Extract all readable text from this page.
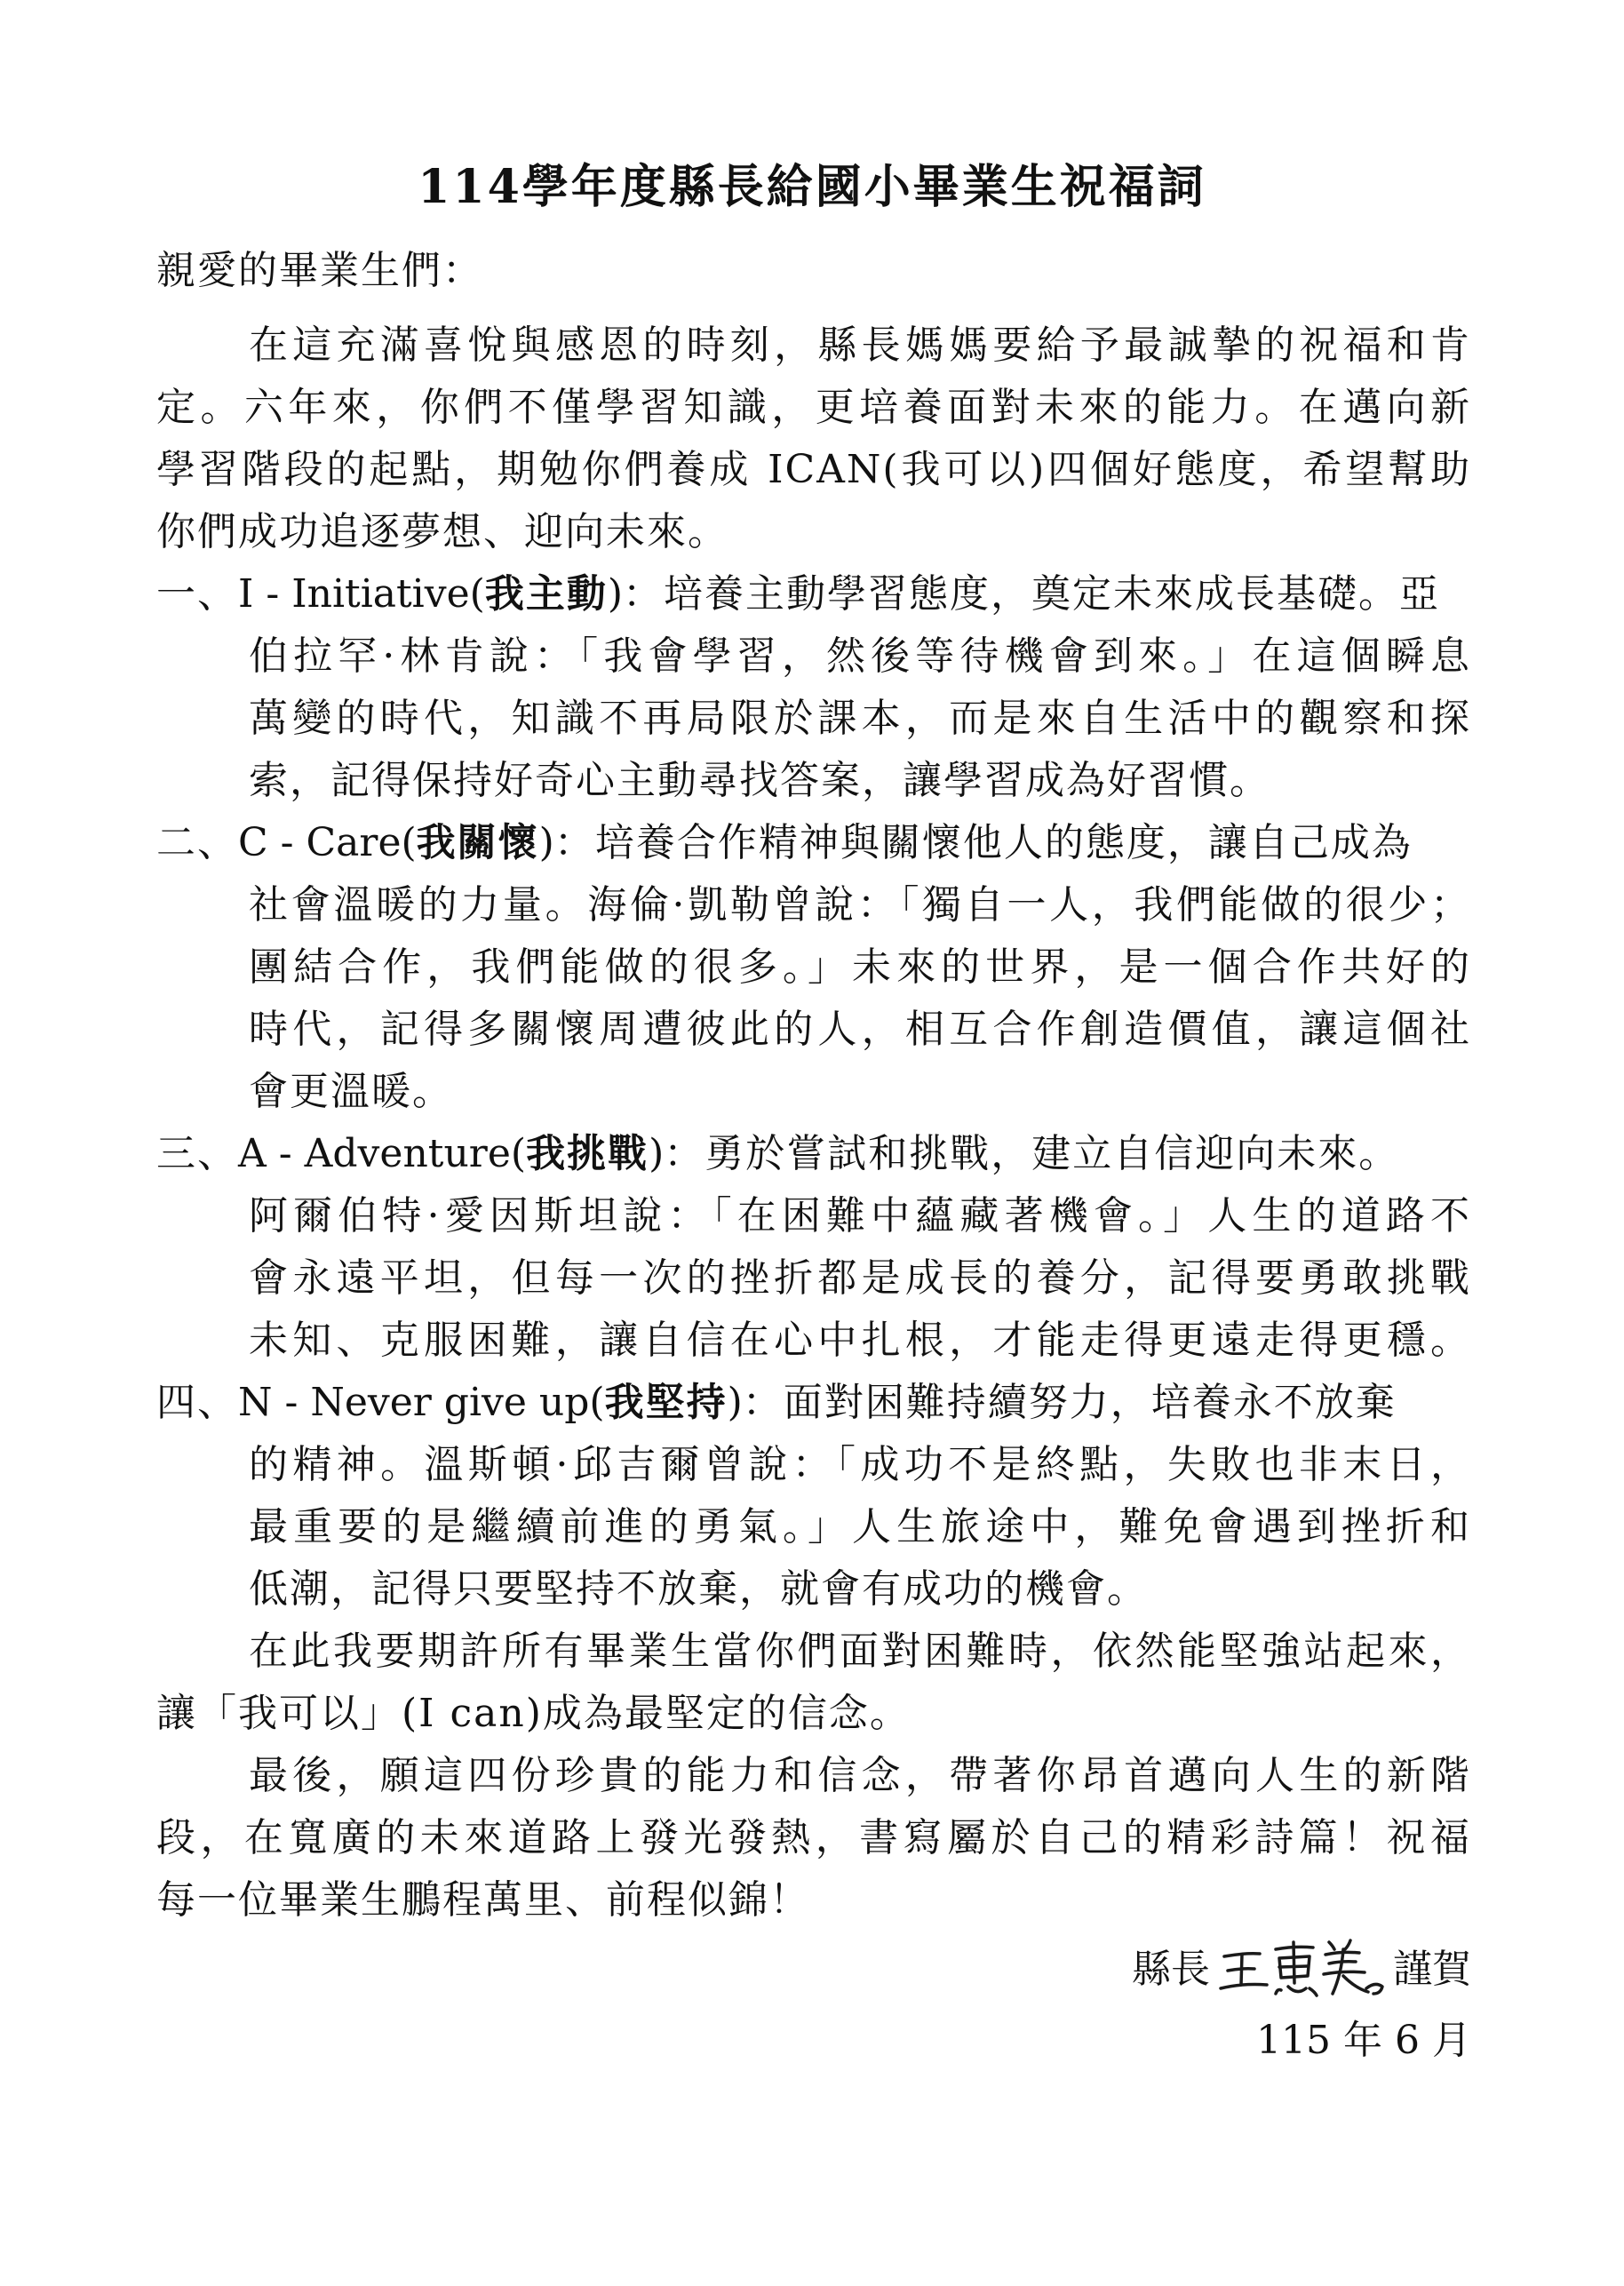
114學年度縣長給國小畢業生祝福詞
親愛的畢業生們：
在這充滿喜悅與感恩的時刻，縣長媽媽要給予最誠摯的祝福和肯
定。六年來，你們不僅學習知識，更培養面對未來的能力。在邁向新
學習階段的起點，期勉你們養成 ICAN(我可以)四個好態度，希望幫助
你們成功追逐夢想、迎向未來。
一、I - Initiative(我主動)：培養主動學習態度，奠定未來成長基礎。亞
伯拉罕·林肯說：「我會學習，然後等待機會到來。」在這個瞬息
萬變的時代，知識不再局限於課本，而是來自生活中的觀察和探
索，記得保持好奇心主動尋找答案，讓學習成為好習慣。
二、C - Care(我關懷)：培養合作精神與關懷他人的態度，讓自己成為
社會溫暖的力量。海倫·凱勒曾說：「獨自一人，我們能做的很少；
團結合作，我們能做的很多。」未來的世界，是一個合作共好的
時代，記得多關懷周遭彼此的人，相互合作創造價值，讓這個社
會更溫暖。
三、A - Adventure(我挑戰)：勇於嘗試和挑戰，建立自信迎向未來。
阿爾伯特·愛因斯坦說：「在困難中蘊藏著機會。」人生的道路不
會永遠平坦，但每一次的挫折都是成長的養分，記得要勇敢挑戰
未知、克服困難，讓自信在心中扎根，才能走得更遠走得更穩。
四、N - Never give up(我堅持)：面對困難持續努力，培養永不放棄
的精神。溫斯頓·邱吉爾曾說：「成功不是終點，失敗也非末日，
最重要的是繼續前進的勇氣。」人生旅途中，難免會遇到挫折和
低潮，記得只要堅持不放棄，就會有成功的機會。
在此我要期許所有畢業生當你們面對困難時，依然能堅強站起來，
讓「我可以」(I can)成為最堅定的信念。
最後，願這四份珍貴的能力和信念，帶著你昂首邁向人生的新階
段，在寬廣的未來道路上發光發熱，書寫屬於自己的精彩詩篇！祝福
每一位畢業生鵬程萬里、前程似錦！
縣長	謹賀
115 年 6 月
